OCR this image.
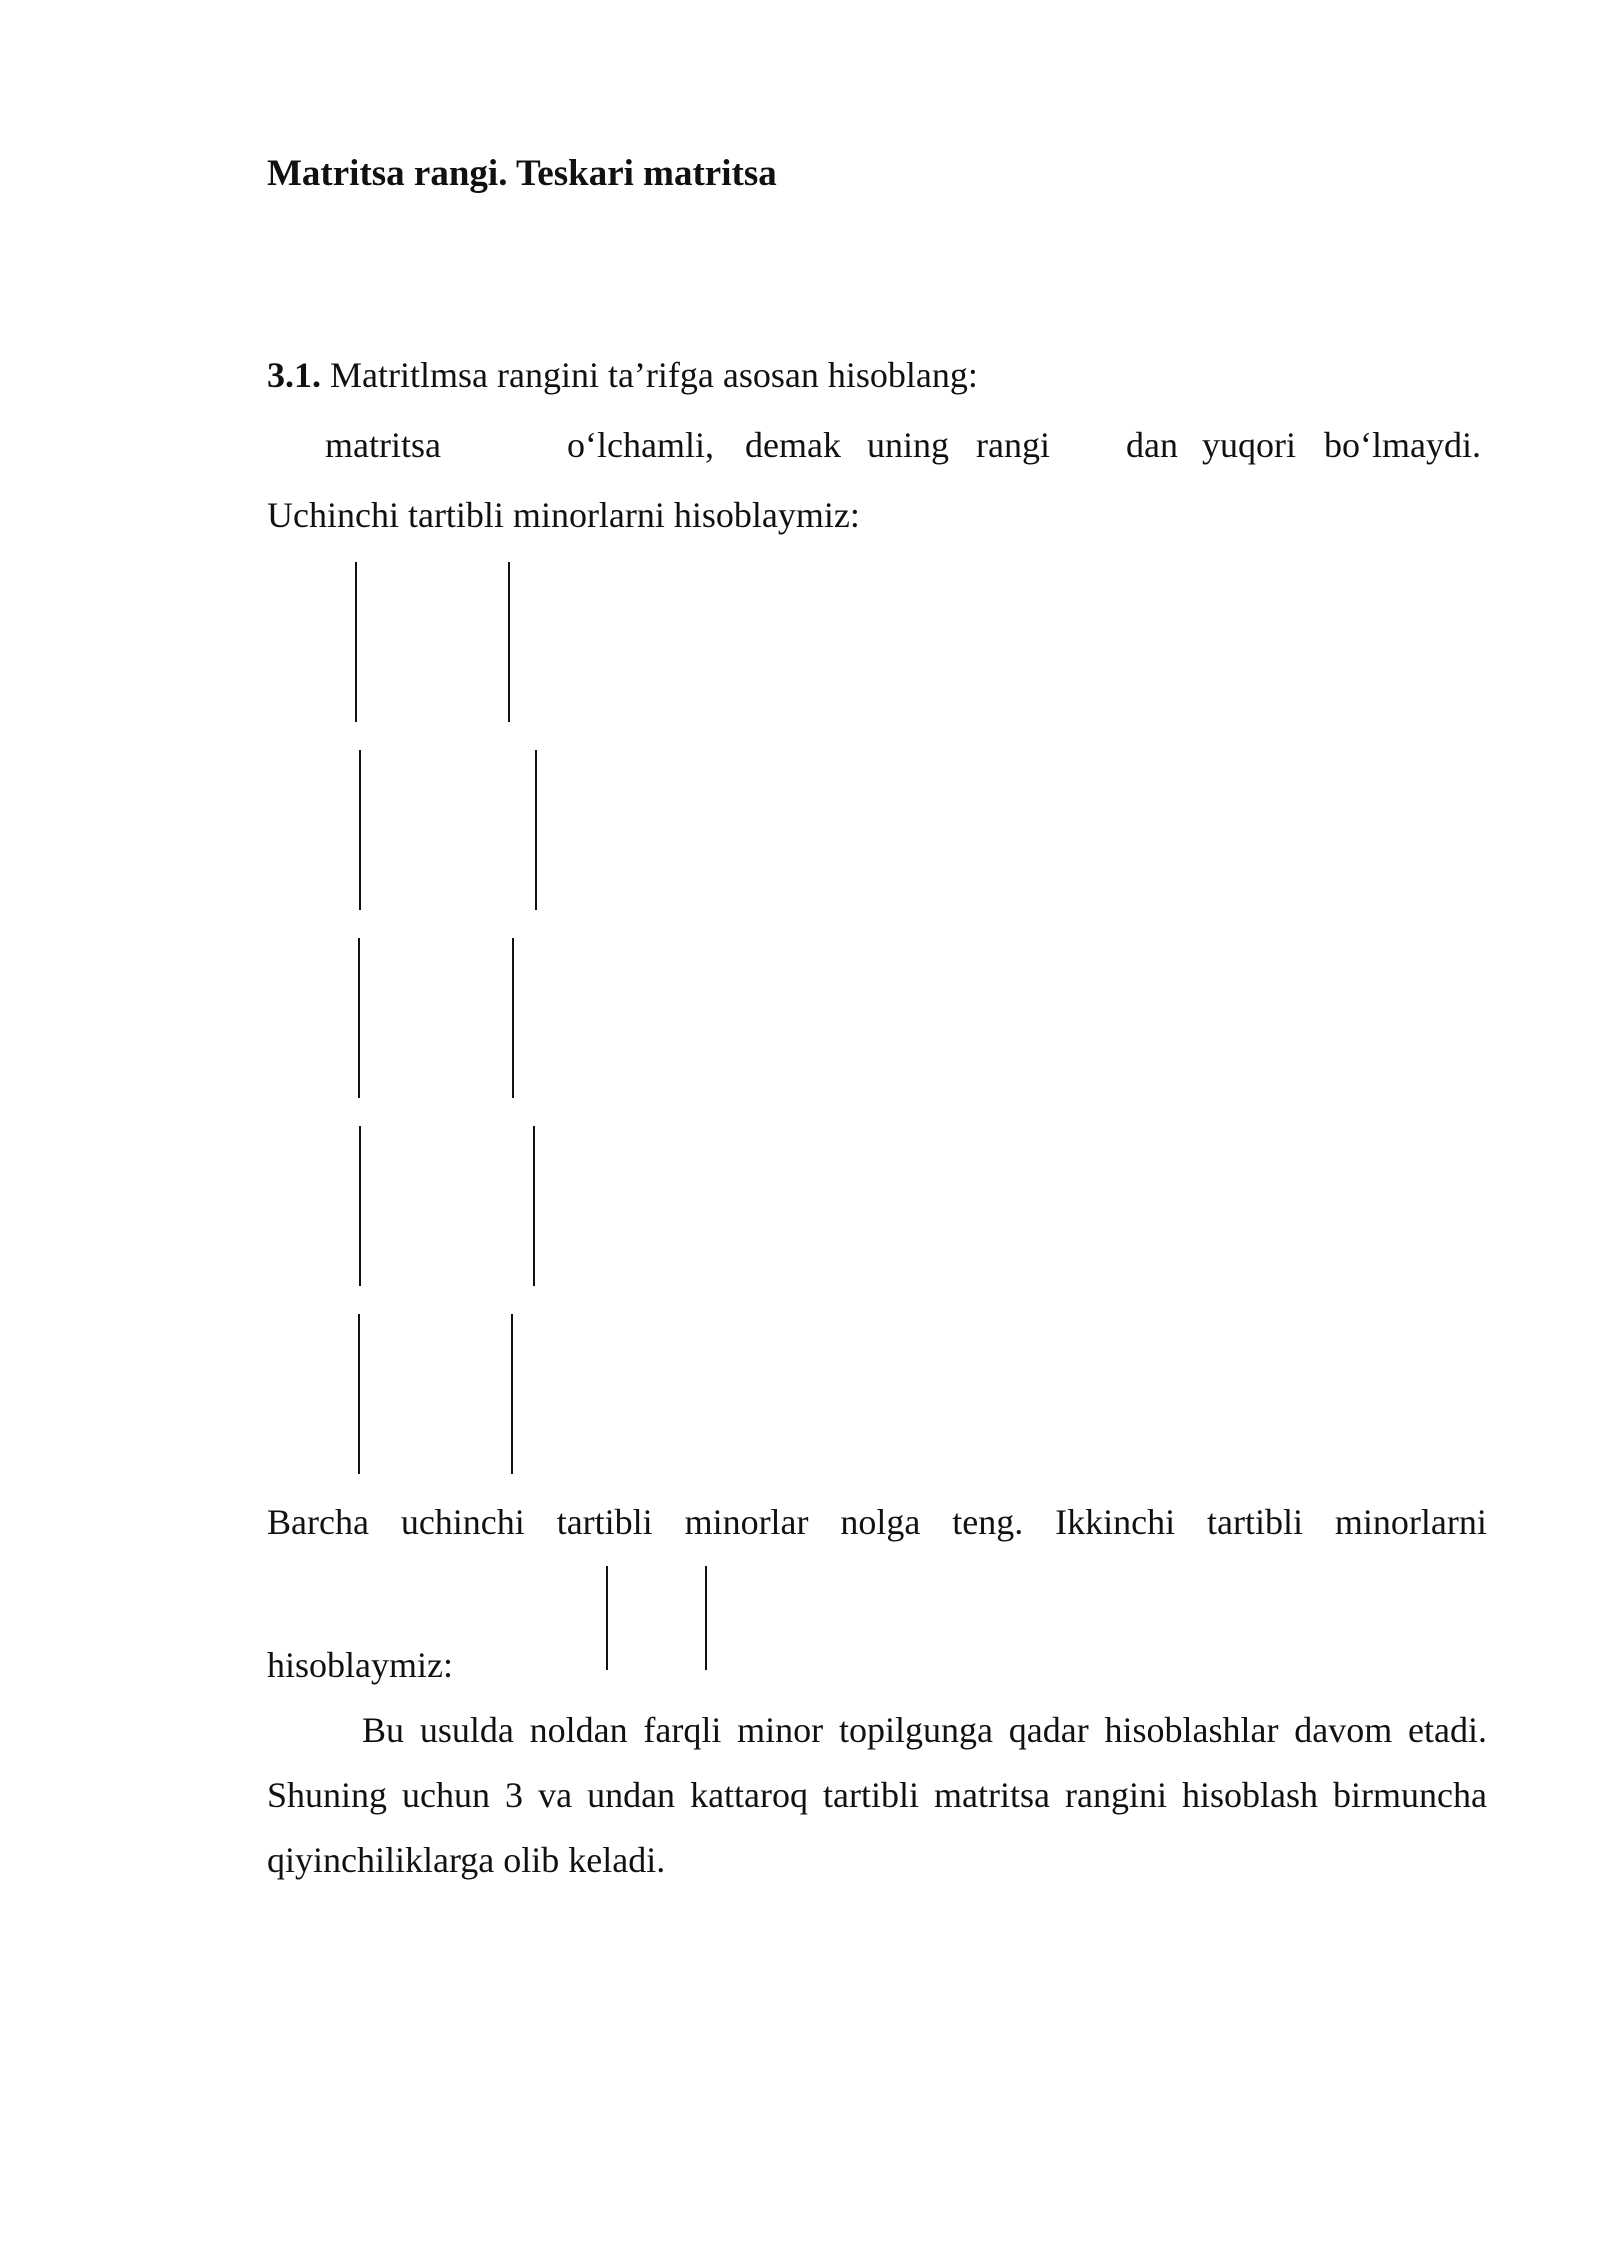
Matritsa rangi. Teskari matritsa
3.1. Matritlmsa rangini ta’rifga asosan hisoblang:
matritsa	o‘lchamli, demak uning rangi dan yuqori bo‘lmaydi.
Uchinchi tartibli minorlarni hisoblaymiz:
Barcha uchinchi tartibli minorlar nolga teng. Ikkinchi tartibli minorlarni
hisoblaymiz:
Bu usulda noldan farqli minor topilgunga qadar hisoblashlar davom etadi.
Shuning uchun 3 va undan kattaroq tartibli matritsa rangini hisoblash birmuncha
qiyinchiliklarga olib keladi.
